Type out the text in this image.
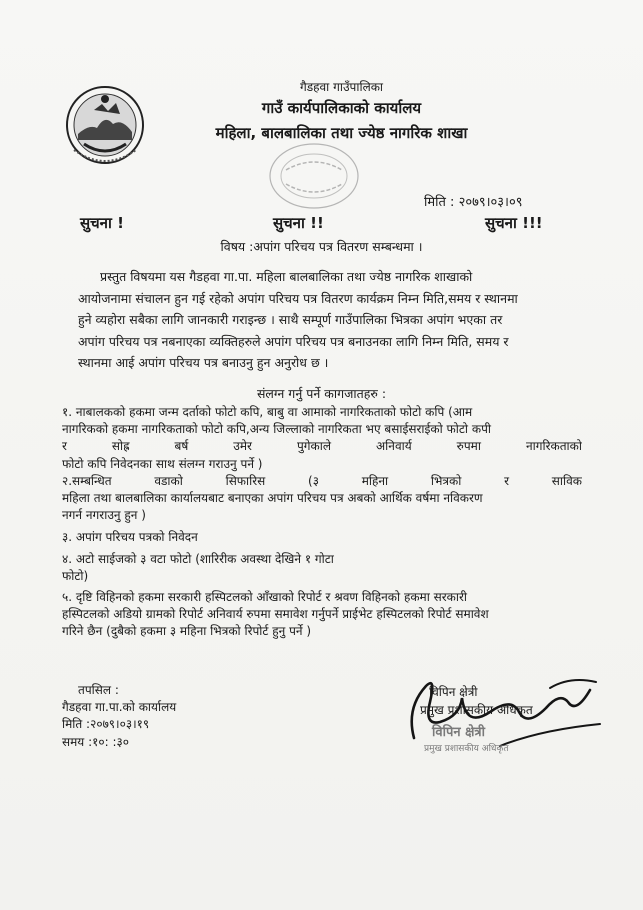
गैडहवा गाउँपालिका
गाउँ कार्यपालिकाको कार्यालय
महिला, बालबालिका तथा ज्येष्ठ नागरिक शाखा
मिति : २०७९।०३।०९
सुचना !	सुचना !!	सुचना !!!
विषय :अपांग परिचय पत्र वितरण सम्बन्धमा ।
प्रस्तुत विषयमा यस गैडहवा गा.पा. महिला बालबालिका तथा ज्येष्ठ नागरिक शाखाको
आयोजनामा संचालन हुन गई रहेको अपांग परिचय पत्र वितरण कार्यक्रम निम्न मिति,समय र स्थानमा
हुने व्यहोरा सबैका लागि जानकारी गराइन्छ । साथै सम्पूर्ण गाउँपालिका भित्रका अपांग भएका तर
अपांग परिचय पत्र नबनाएका व्यक्तिहरुले अपांग परिचय पत्र बनाउनका लागि निम्न मिति, समय र
स्थानमा आई अपांग परिचय पत्र बनाउनु हुन अनुरोध छ ।
संलग्न गर्नु पर्ने कागजातहरु :
१. नाबालकको हकमा जन्म दर्ताको फोटो कपि, बाबु वा आमाको नागरिकताको फोटो कपि (आम
नागरिकको हकमा नागरिकताको फोटो कपि,अन्य जिल्लाको नागरिकता भए बसाईसराईको फोटो कपी
र सोह्र बर्ष उमेर पुगेकाले अनिवार्य रुपमा नागरिकताको
फोटो कपि निवेदनका साथ संलग्न गराउनु पर्ने )
२.सम्बन्धित वडाको सिफारिस (३ महिना भित्रको र साविक
महिला तथा बालबालिका कार्यालयबाट बनाएका अपांग परिचय पत्र अबको आर्थिक वर्षमा नविकरण
नगर्न नगराउनु हुन )
३. अपांग परिचय पत्रको निवेदन
४. अटो साईजको ३ वटा फोटो (शारिरीक अवस्था देखिने १ गोटा
फोटो)
५. दृष्टि विहिनको हकमा सरकारी हस्पिटलको आँखाको रिपोर्ट र श्रवण विहिनको हकमा सरकारी
हस्पिटलको अडियो ग्रामको रिपोर्ट अनिवार्य रुपमा समावेश गर्नुपर्ने प्राईभेट हस्पिटलको रिपोर्ट समावेश
गरिने छैन (दुबैको हकमा ३ महिना भित्रको रिपोर्ट हुनु पर्ने )
तपसिल :
गैडहवा गा.पा.को कार्यालय
मिति :२०७९।०३।१९
समय :१०: :३०
विपिन क्षेत्री
प्रमुख प्रशासकीय अधिकृत
विपिन क्षेत्री
प्रमुख प्रशासकीय अधिकृत
